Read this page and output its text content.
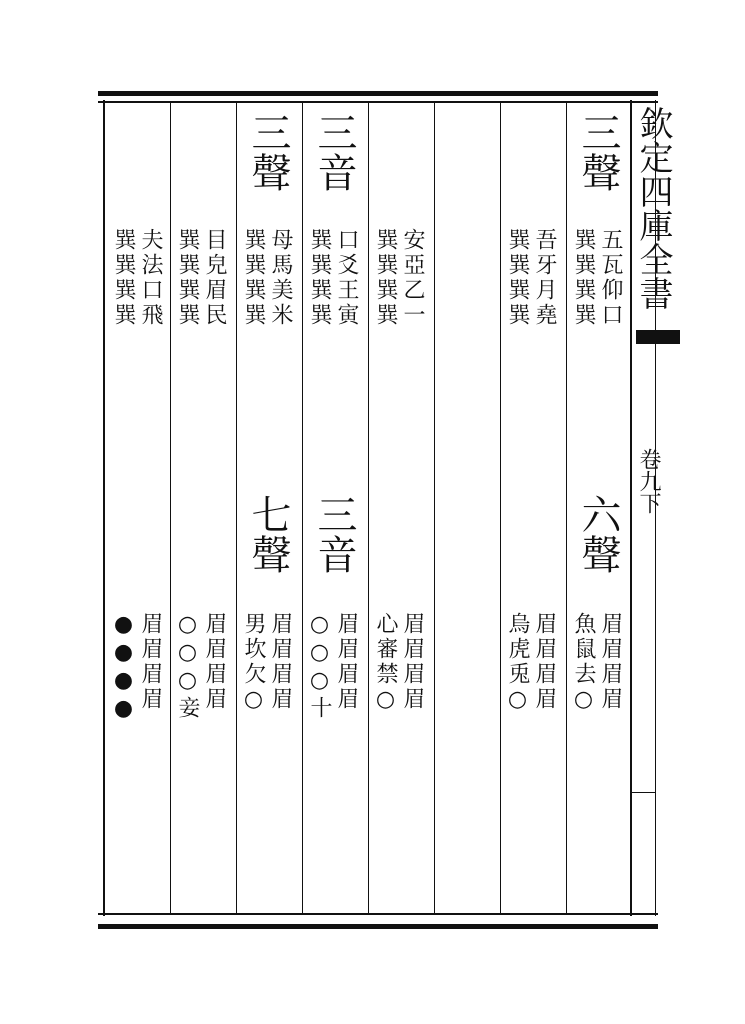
欽定四庫全書
卷九下
三聲
五瓦仰口
巽巽巽巽
六聲
眉眉眉眉
魚鼠去○
吾牙月堯
巽巽巽巽
眉眉眉眉
烏虎兎○
安亞乙一
巽巽巽巽
眉眉眉眉
心審禁○
三音
口爻王寅
巽巽巽巽
三音
眉眉眉眉
○○○十
三聲
母馬美米
巽巽巽巽
七聲
眉眉眉眉
男坎欠○
目皃眉民
巽巽巽巽
眉眉眉眉
○○○妾
夫法口飛
巽巽巽巽
眉眉眉眉
●●●●
